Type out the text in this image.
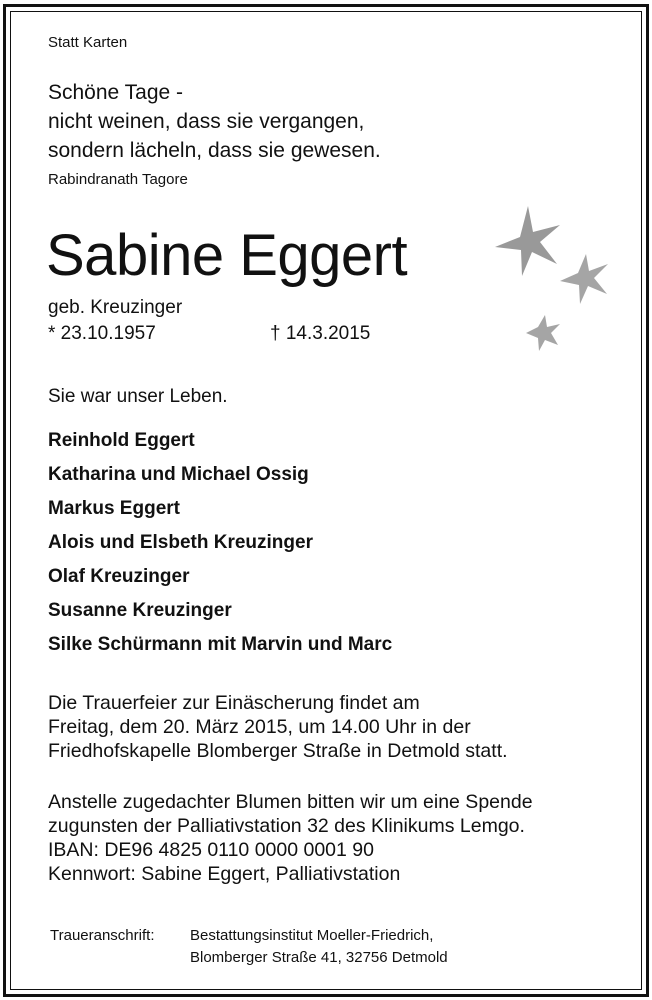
Statt Karten
Schöne Tage -
nicht weinen, dass sie vergangen,
sondern lächeln, dass sie gewesen.
Rabindranath Tagore
Sabine Eggert
geb. Kreuzinger
* 23.10.1957	† 14.3.2015
Sie war unser Leben.
Reinhold Eggert
Katharina und Michael Ossig
Markus Eggert
Alois und Elsbeth Kreuzinger
Olaf Kreuzinger
Susanne Kreuzinger
Silke Schürmann mit Marvin und Marc
Die Trauerfeier zur Einäscherung findet am
Freitag, dem 20. März 2015, um 14.00 Uhr in der
Friedhofskapelle Blomberger Straße in Detmold statt.
Anstelle zugedachter Blumen bitten wir um eine Spende
zugunsten der Palliativstation 32 des Klinikums Lemgo.
IBAN: DE96 4825 0110 0000 0001 90
Kennwort: Sabine Eggert, Palliativstation
Traueranschrift: Bestattungsinstitut Moeller-Friedrich,
Blomberger Straße 41, 32756 Detmold
